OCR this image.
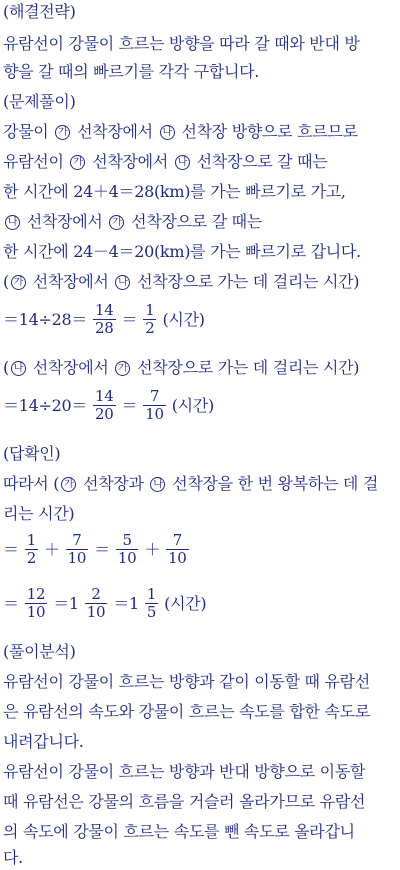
(해결전략)
유람선이 강물이 흐르는 방향을 따라 갈 때와 반대 방
향을 갈 때의 빠르기를 각각 구합니다.
(문제풀이)
강물이 가 선착장에서 나 선착장 방향으로 흐르므로
유람선이 가 선착장에서 나 선착장으로 갈 때는
한 시간에 24＋4＝28(km)를 가는 빠르기로 가고,
나 선착장에서 가 선착장으로 갈 때는
한 시간에 24－4＝20(km)를 가는 빠르기로 갑니다.
( 가 선착장에서 나 선착장으로 가는 데 걸리는 시간)
$=14\div 28= \frac{14}{28} = \frac{1}{2}$ (시간)
( 나 선착장에서 가 선착장으로 가는 데 걸리는 시간)
$=14\div 20= \frac{14}{20} = \frac{7}{10}$ (시간)
(답확인)
따라서 ( 가 선착장과 나 선착장을 한 번 왕복하는 데 걸
리는 시간)
＝ $\frac{1}{2} + \frac{7}{10} = \frac{5}{10} + \frac{7}{10}$
＝ $\frac{12}{10} =1 \frac{2}{10} =1 \frac{1}{5}$ (시간)
(풀이분석)
유람선이 강물이 흐르는 방향과 같이 이동할 때 유람선
은 유람선의 속도와 강물이 흐르는 속도를 합한 속도로
내려갑니다.
유람선이 강물이 흐르는 방향과 반대 방향으로 이동할
때 유람선은 강물의 흐름을 거슬러 올라가므로 유람선
의 속도에 강물이 흐르는 속도를 뺀 속도로 올라갑니
다.
